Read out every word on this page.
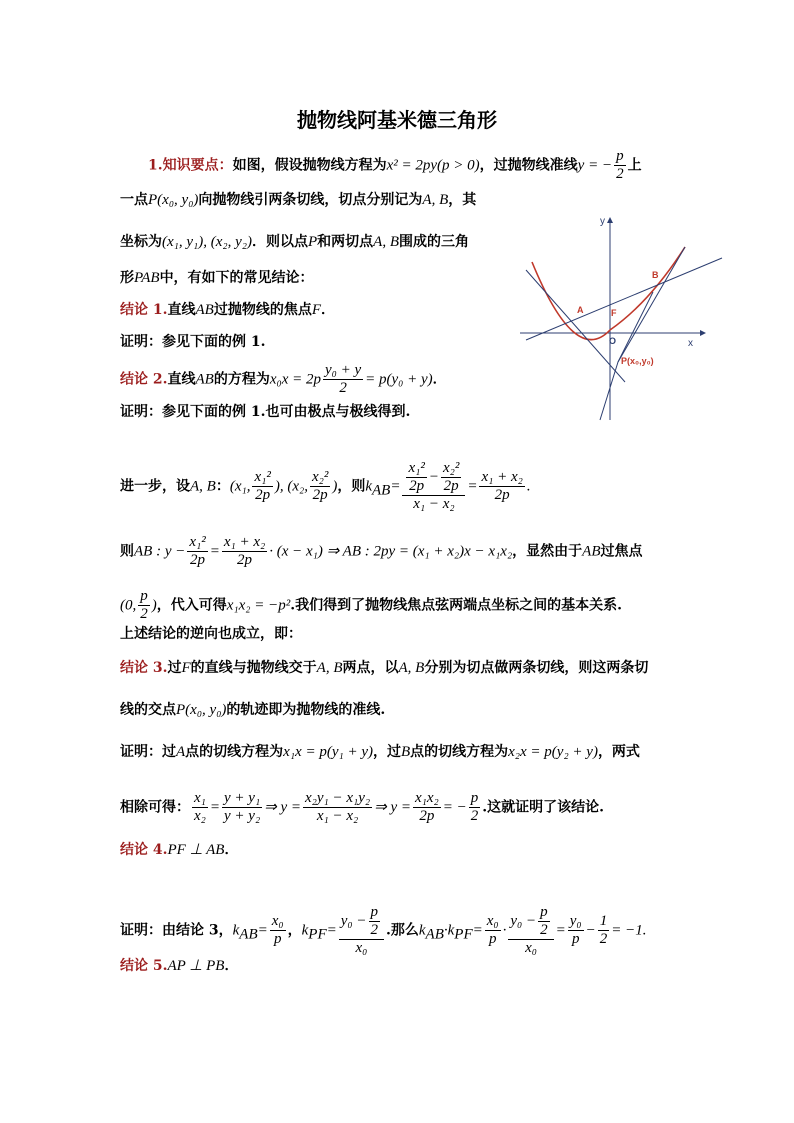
抛物线阿基米德三角形
1.知识要点：如图，假设抛物线方程为x² = 2py(p > 0)，过抛物线准线y = − $\frac{p}{2}$ 上
一点P(x₀, y₀)向抛物线引两条切线，切点分别记为A, B，其
坐标为(x₁, y₁), (x₂, y₂)．则以点P和两切点A, B围成的三角
形PAB中，有如下的常见结论：
结论 1.直线AB过抛物线的焦点F．
证明：参见下面的例 1.
结论 2.直线AB的方程为$x_0x = 2p \frac{\text{y₀ + y}}{2} = p(y_0 + y)$．
证明：参见下面的例 1.也可由极点与极线得到.
进一步，设A, B：(x₁, $\frac{\text{x₁²}}{2p}$ ), (x₂, $\frac{\text{x₂²}}{2p}$ )，则$k_{AB}= \frac{\frac{\text{x₁²}}{2p} - \frac{\text{x₂²}}{2p}}{\text{x₁ − x₂}} = \frac{\text{x₁ + x₂}}{2p}$ .
则AB : $y - \frac{\text{x₁²}}{2p} = \frac{\text{x₁ + x₂}}{2p} \cdot (x - x_1)$ ⇒ AB : 2py = (x₁ + x₂)x − x₁x₂，显然由于AB过焦点
(0, $\frac{p}{2}$ )，代入可得x₁x₂ = −p².我们得到了抛物线焦点弦两端点坐标之间的基本关系.
上述结论的逆向也成立，即：
结论 3.过F的直线与抛物线交于A, B两点，以A, B分别为切点做两条切线，则这两条切
线的交点P(x₀, y₀)的轨迹即为抛物线的准线.
证明：过A点的切线方程为x₁x = p(y₁ + y)，过B点的切线方程为x₂x = p(y₂ + y)，两式
相除可得： $\frac{\text{x₁}}{\text{x₂}} = \frac{\text{y + y₁}}{\text{y + y₂}}$ ⇒ $y = \frac{\text{x₂y₁ − x₁y₂}}{\text{x₁ − x₂}}$ ⇒ $y = \frac{\text{x₁x₂}}{2p}$ = − $\frac{p}{2}$ .这就证明了该结论.
结论 4.PF ⊥ AB．
证明：由结论 3，$k_{AB}= \frac{\text{x₀}}{p}$ ，$k_{PF}= \frac{y_0 - \frac{p}{2}}{\text{x₀}}$ .那么$k_{AB}\cdot k_{PF}= \frac{\text{x₀}}{p} \cdot \frac{y_0 - \frac{p}{2}}{\text{x₀}} = \frac{\text{y₀}}{p} - \frac{1}{2} = -1$.
结论 5.AP ⊥ PB．
y
x
O
A
B
F
P(x₀,y₀)
